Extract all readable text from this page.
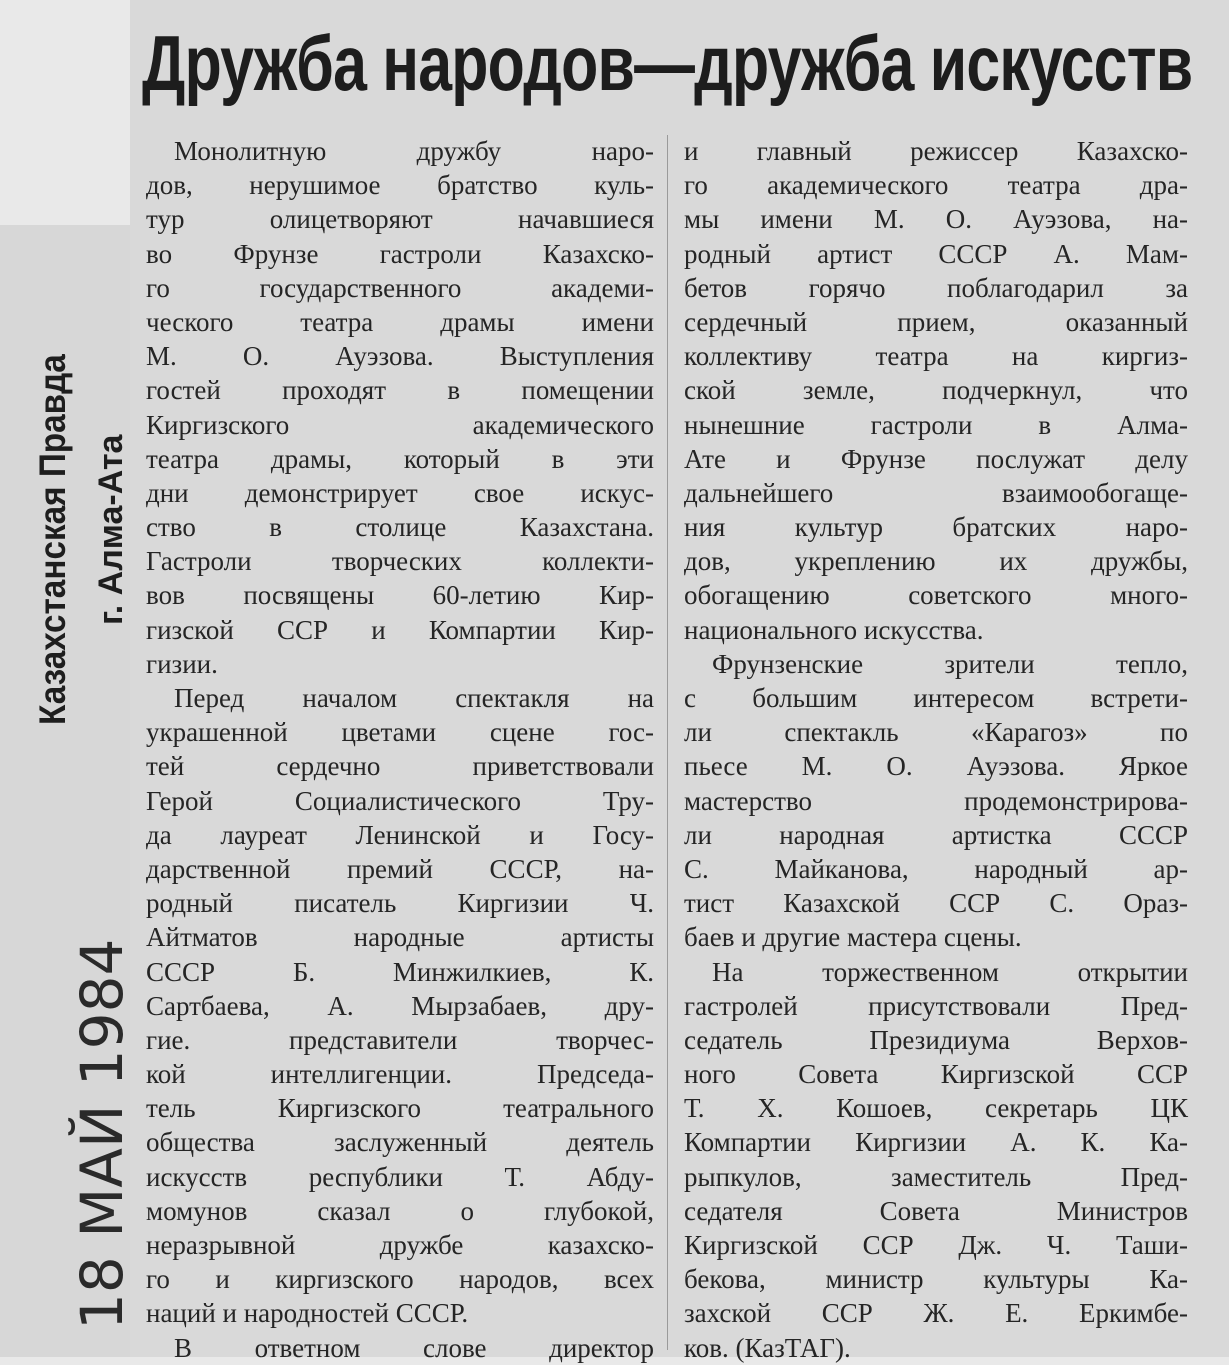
Дружба народов—дружба искусств
Казахстанская Правда г. Алма-Ата
18 МАЙ 1984
Монолитную дружбу наро-
дов, нерушимое братство куль-
тур олицетворяют начавшиеся
во Фрунзе гастроли Казахско-
го государственного академи-
ческого театра драмы имени
М. О. Ауэзова. Выступления
гостей проходят в помещении
Киргизского академического
театра драмы, который в эти
дни демонстрирует свое искус-
ство в столице Казахстана.
Гастроли творческих коллекти-
вов посвящены 60-летию Кир-
гизской ССР и Компартии Кир-
гизии.
Перед началом спектакля на
украшенной цветами сцене гос-
тей сердечно приветствовали
Герой Социалистического Тру-
да лауреат Ленинской и Госу-
дарственной премий СССР, на-
родный писатель Киргизии Ч.
Айтматов народные артисты
СССР Б. Минжилкиев, К.
Сартбаева, А. Мырзабаев, дру-
гие. представители творчес-
кой интеллигенции. Председа-
тель Киргизского театрального
общества заслуженный деятель
искусств республики Т. Абду-
момунов сказал о глубокой,
неразрывной дружбе казахско-
го и киргизского народов, всех
наций и народностей СССР.
В ответном слове директор
и главный режиссер Казахско-
го академического театра дра-
мы имени М. О. Ауэзова, на-
родный артист СССР А. Мам-
бетов горячо поблагодарил за
сердечный прием, оказанный
коллективу театра на киргиз-
ской земле, подчеркнул, что
нынешние гастроли в Алма-
Ате и Фрунзе послужат делу
дальнейшего взаимообогаще-
ния культур братских наро-
дов, укреплению их дружбы,
обогащению советского много-
национального искусства.
Фрунзенские зрители тепло,
с большим интересом встрети-
ли спектакль «Карагоз» по
пьесе М. О. Ауэзова. Яркое
мастерство продемонстрирова-
ли народная артистка СССР
С. Майканова, народный ар-
тист Казахской ССР С. Ораз-
баев и другие мастера сцены.
На торжественном открытии
гастролей присутствовали Пред-
седатель Президиума Верхов-
ного Совета Киргизской ССР
Т. Х. Кошоев, секретарь ЦК
Компартии Киргизии А. К. Ка-
рыпкулов, заместитель Пред-
седателя Совета Министров
Киргизской ССР Дж. Ч. Таши-
бекова, министр культуры Ка-
захской ССР Ж. Е. Еркимбе-
ков. (КазТАГ).
